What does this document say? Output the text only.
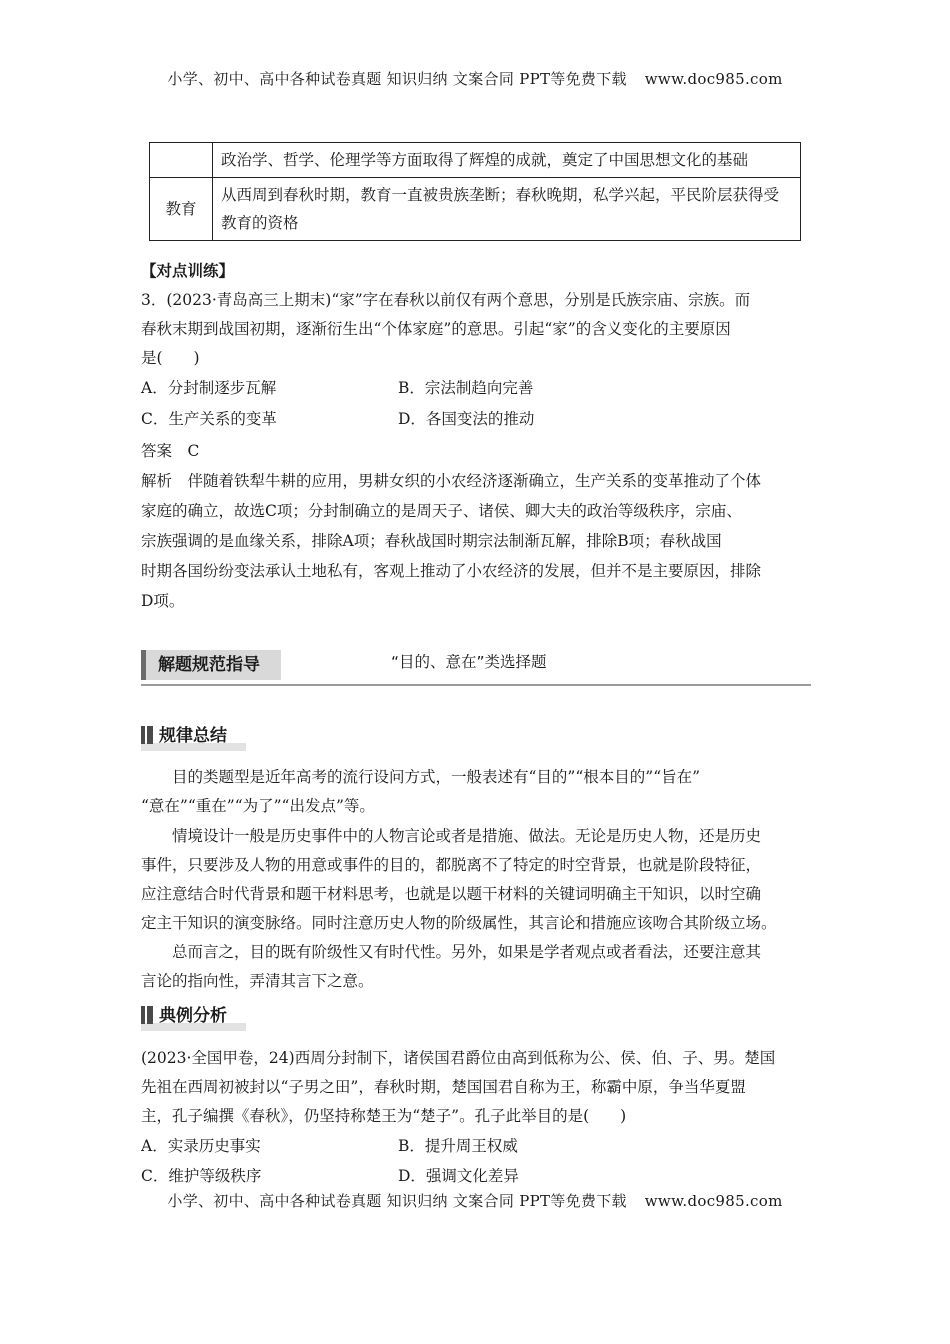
小学、初中、高中各种试卷真题 知识归纳 文案合同 PPT等免费下载 www.doc985.com
	政治学、哲学、伦理学等方面取得了辉煌的成就，奠定了中国思想文化的基础
教育	从西周到春秋时期，教育一直被贵族垄断；春秋晚期，私学兴起，平民阶层获得受教育的资格
【对点训练】
3．(2023·青岛高三上期末)“家”字在春秋以前仅有两个意思，分别是氏族宗庙、宗族。而
春秋末期到战国初期，逐渐衍生出“个体家庭”的意思。引起“家”的含义变化的主要原因
是(　　)
A．分封制逐步瓦解	B．宗法制趋向完善
C．生产关系的变革	D．各国变法的推动
答案　C
解析　伴随着铁犁牛耕的应用，男耕女织的小农经济逐渐确立，生产关系的变革推动了个体
家庭的确立，故选C项；分封制确立的是周天子、诸侯、卿大夫的政治等级秩序，宗庙、
宗族强调的是血缘关系，排除A项；春秋战国时期宗法制渐瓦解，排除B项；春秋战国
时期各国纷纷变法承认土地私有，客观上推动了小农经济的发展，但并不是主要原因，排除
D项。
解题规范指导	“目的、意在”类选择题
规律总结
目的类题型是近年高考的流行设问方式，一般表述有“目的”“根本目的”“旨在”
“意在”“重在”“为了”“出发点”等。
情境设计一般是历史事件中的人物言论或者是措施、做法。无论是历史人物，还是历史
事件，只要涉及人物的用意或事件的目的，都脱离不了特定的时空背景，也就是阶段特征，
应注意结合时代背景和题干材料思考，也就是以题干材料的关键词明确主干知识，以时空确
定主干知识的演变脉络。同时注意历史人物的阶级属性，其言论和措施应该吻合其阶级立场。
总而言之，目的既有阶级性又有时代性。另外，如果是学者观点或者看法，还要注意其
言论的指向性，弄清其言下之意。
典例分析
(2023·全国甲卷，24)西周分封制下，诸侯国君爵位由高到低称为公、侯、伯、子、男。楚国
先祖在西周初被封以“子男之田”，春秋时期，楚国国君自称为王，称霸中原，争当华夏盟
主，孔子编撰《春秋》，仍坚持称楚王为“楚子”。孔子此举目的是(　　)
A．实录历史事实	B．提升周王权威
C．维护等级秩序	D．强调文化差异
小学、初中、高中各种试卷真题 知识归纳 文案合同 PPT等免费下载 www.doc985.com
